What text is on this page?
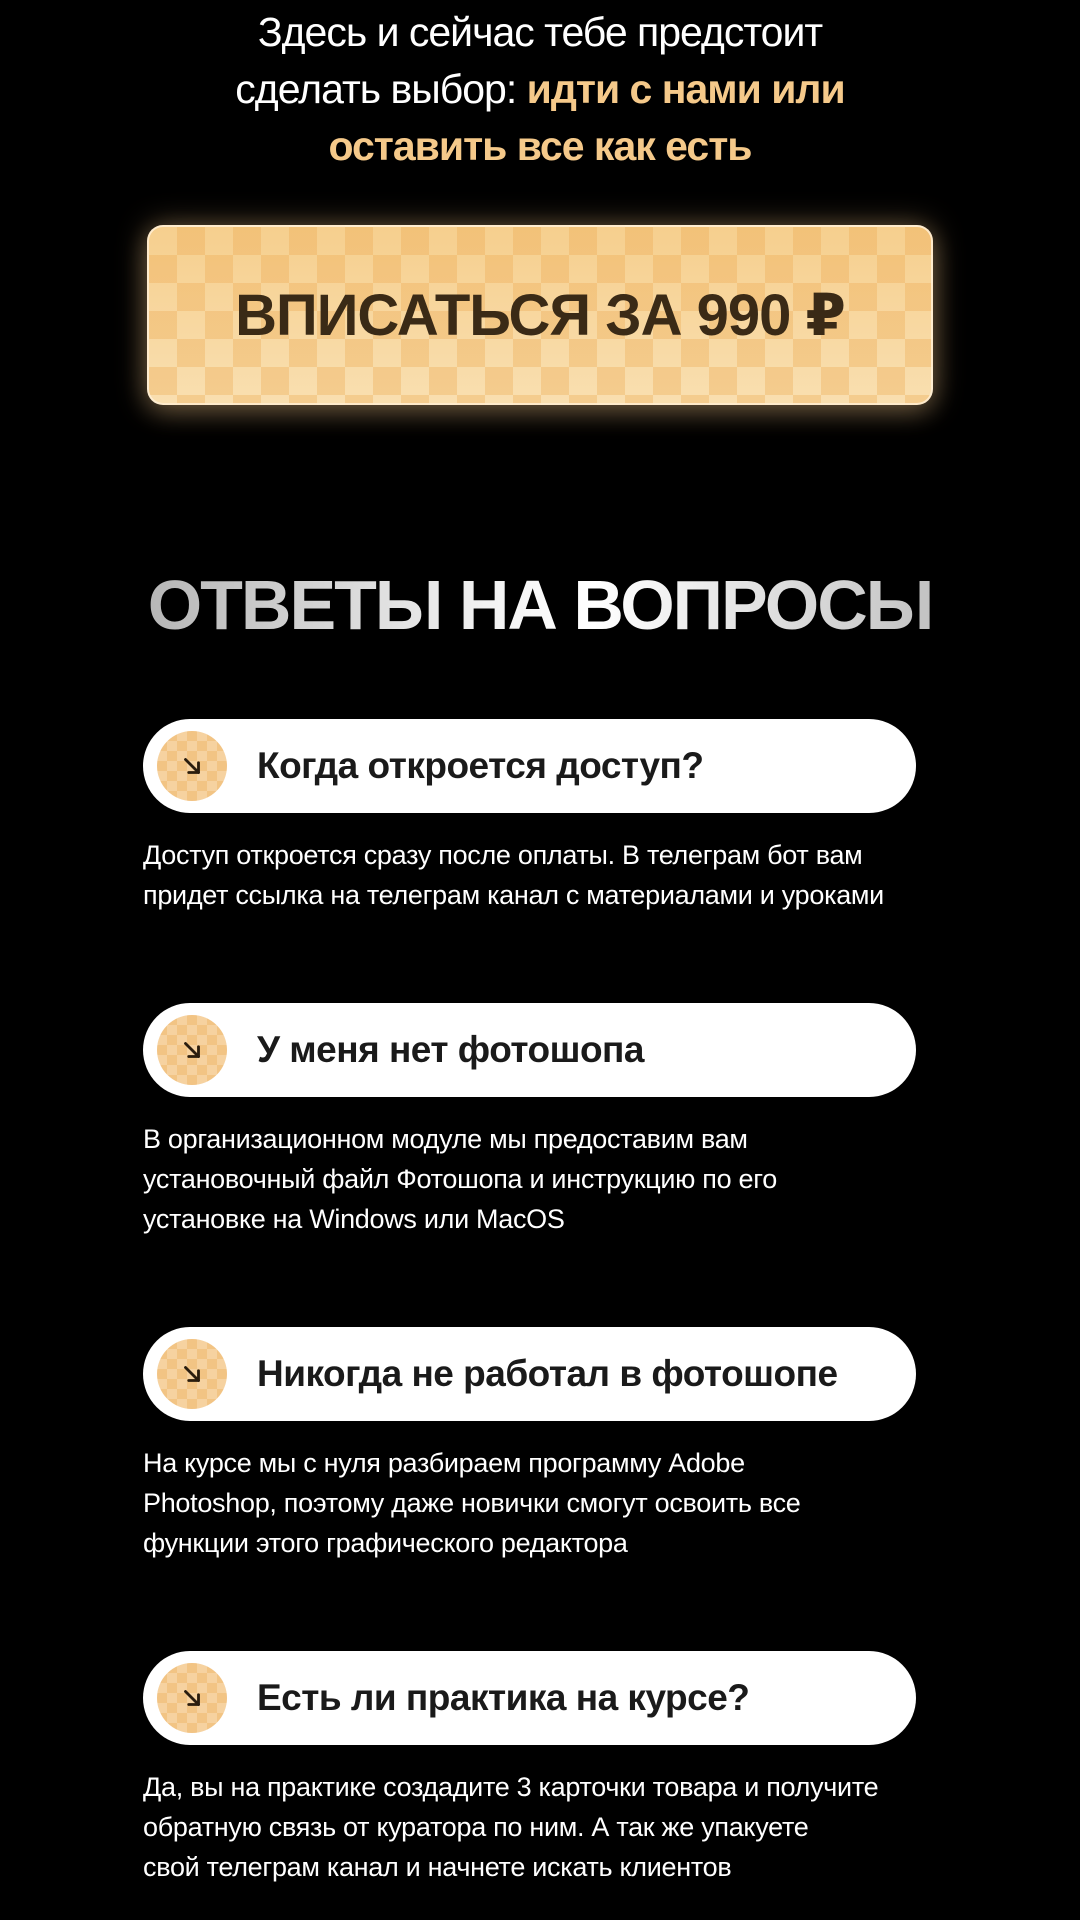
Здесь и сейчас тебе предстоит
сделать выбор: идти с нами или
оставить все как есть
ВПИСАТЬСЯ ЗА 990 ₽
ОТВЕТЫ НА ВОПРОСЫ
Когда откроется доступ?
Доступ откроется сразу после оплаты. В телеграм бот вам
придет ссылка на телеграм канал с материалами и уроками
У меня нет фотошопа
В организационном модуле мы предоставим вам
установочный файл Фотошопа и инструкцию по его
установке на Windows или MacOS
Никогда не работал в фотошопе
На курсе мы с нуля разбираем программу Adobe
Photoshop, поэтому даже новички смогут освоить все
функции этого графического редактора
Есть ли практика на курсе?
Да, вы на практике создадите 3 карточки товара и получите
обратную связь от куратора по ним. А так же упакуете
свой телеграм канал и начнете искать клиентов
